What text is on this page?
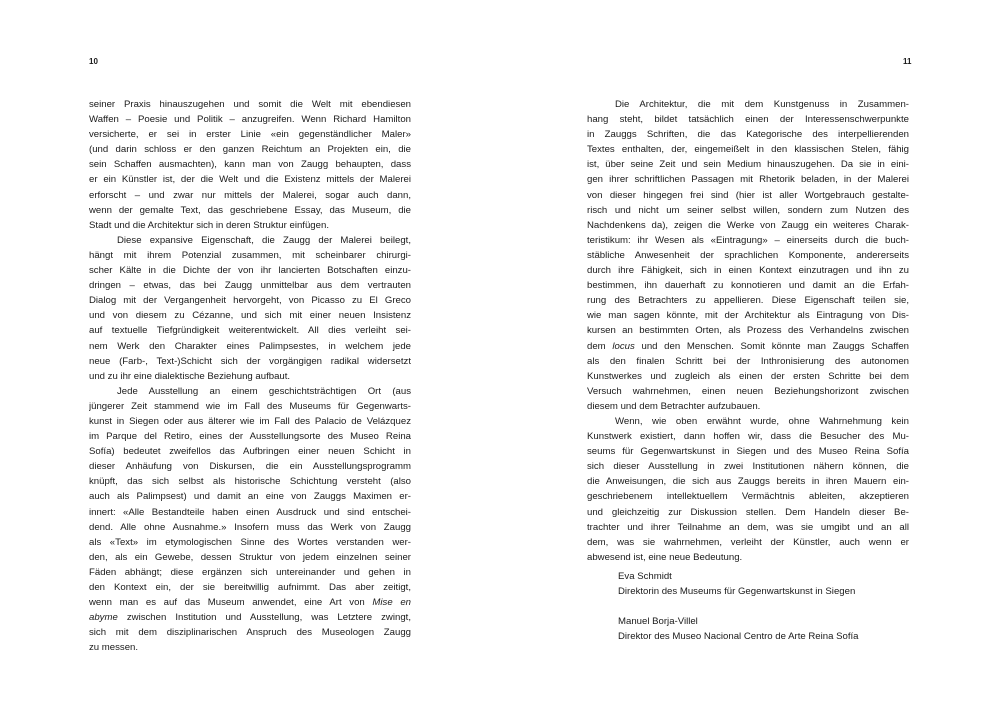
10
seiner Praxis hinauszugehen und somit die Welt mit ebendiesen
Waffen – Poesie und Politik – anzugreifen. Wenn Richard Hamilton
versicherte, er sei in erster Linie «ein gegenständlicher Maler»
(und darin schloss er den ganzen Reichtum an Projekten ein, die
sein Schaffen ausmachten), kann man von Zaugg behaupten, dass
er ein Künstler ist, der die Welt und die Existenz mittels der Malerei
erforscht – und zwar nur mittels der Malerei, sogar auch dann,
wenn der gemalte Text, das geschriebene Essay, das Museum, die
Stadt und die Architektur sich in deren Struktur einfügen.
Diese expansive Eigenschaft, die Zaugg der Malerei beilegt,
hängt mit ihrem Potenzial zusammen, mit scheinbarer chirurgi-
scher Kälte in die Dichte der von ihr lancierten Botschaften einzu-
dringen – etwas, das bei Zaugg unmittelbar aus dem vertrauten
Dialog mit der Vergangenheit hervorgeht, von Picasso zu El Greco
und von diesem zu Cézanne, und sich mit einer neuen Insistenz
auf textuelle Tiefgründigkeit weiterentwickelt. All dies verleiht sei-
nem Werk den Charakter eines Palimpsestes, in welchem jede
neue (Farb-, Text-)Schicht sich der vorgängigen radikal widersetzt
und zu ihr eine dialektische Beziehung aufbaut.
Jede Ausstellung an einem geschichtsträchtigen Ort (aus
jüngerer Zeit stammend wie im Fall des Museums für Gegenwarts-
kunst in Siegen oder aus älterer wie im Fall des Palacio de Velázquez
im Parque del Retiro, eines der Ausstellungsorte des Museo Reina
Sofía) bedeutet zweifellos das Aufbringen einer neuen Schicht in
dieser Anhäufung von Diskursen, die ein Ausstellungsprogramm
knüpft, das sich selbst als historische Schichtung versteht (also
auch als Palimpsest) und damit an eine von Zauggs Maximen er-
innert: «Alle Bestandteile haben einen Ausdruck und sind entschei-
dend. Alle ohne Ausnahme.» Insofern muss das Werk von Zaugg
als «Text» im etymologischen Sinne des Wortes verstanden wer-
den, als ein Gewebe, dessen Struktur von jedem einzelnen seiner
Fäden abhängt; diese ergänzen sich untereinander und gehen in
den Kontext ein, der sie bereitwillig aufnimmt. Das aber zeitigt,
wenn man es auf das Museum anwendet, eine Art von Mise en
abyme zwischen Institution und Ausstellung, was Letztere zwingt,
sich mit dem disziplinarischen Anspruch des Museologen Zaugg
zu messen.
11
Die Architektur, die mit dem Kunstgenuss in Zusammen-
hang steht, bildet tatsächlich einen der Interessenschwerpunkte
in Zauggs Schriften, die das Kategorische des interpellierenden
Textes enthalten, der, eingemeißelt in den klassischen Stelen, fähig
ist, über seine Zeit und sein Medium hinauszugehen. Da sie in eini-
gen ihrer schriftlichen Passagen mit Rhetorik beladen, in der Malerei
von dieser hingegen frei sind (hier ist aller Wortgebrauch gestalte-
risch und nicht um seiner selbst willen, sondern zum Nutzen des
Nachdenkens da), zeigen die Werke von Zaugg ein weiteres Charak-
teristikum: ihr Wesen als «Eintragung» – einerseits durch die buch-
stäbliche Anwesenheit der sprachlichen Komponente, andererseits
durch ihre Fähigkeit, sich in einen Kontext einzutragen und ihn zu
bestimmen, ihn dauerhaft zu konnotieren und damit an die Erfah-
rung des Betrachters zu appellieren. Diese Eigenschaft teilen sie,
wie man sagen könnte, mit der Architektur als Eintragung von Dis-
kursen an bestimmten Orten, als Prozess des Verhandelns zwischen
dem locus und den Menschen. Somit könnte man Zauggs Schaffen
als den finalen Schritt bei der Inthronisierung des autonomen
Kunstwerkes und zugleich als einen der ersten Schritte bei dem
Versuch wahrnehmen, einen neuen Beziehungshorizont zwischen
diesem und dem Betrachter aufzubauen.
Wenn, wie oben erwähnt wurde, ohne Wahrnehmung kein
Kunstwerk existiert, dann hoffen wir, dass die Besucher des Mu-
seums für Gegenwartskunst in Siegen und des Museo Reina Sofía
sich dieser Ausstellung in zwei Institutionen nähern können, die
die Anweisungen, die sich aus Zauggs bereits in ihren Mauern ein-
geschriebenem intellektuellem Vermächtnis ableiten, akzeptieren
und gleichzeitig zur Diskussion stellen. Dem Handeln dieser Be-
trachter und ihrer Teilnahme an dem, was sie umgibt und an all
dem, was sie wahrnehmen, verleiht der Künstler, auch wenn er
abwesend ist, eine neue Bedeutung.
Eva Schmidt
Direktorin des Museums für Gegenwartskunst in Siegen
Manuel Borja-Villel
Direktor des Museo Nacional Centro de Arte Reina Sofía
